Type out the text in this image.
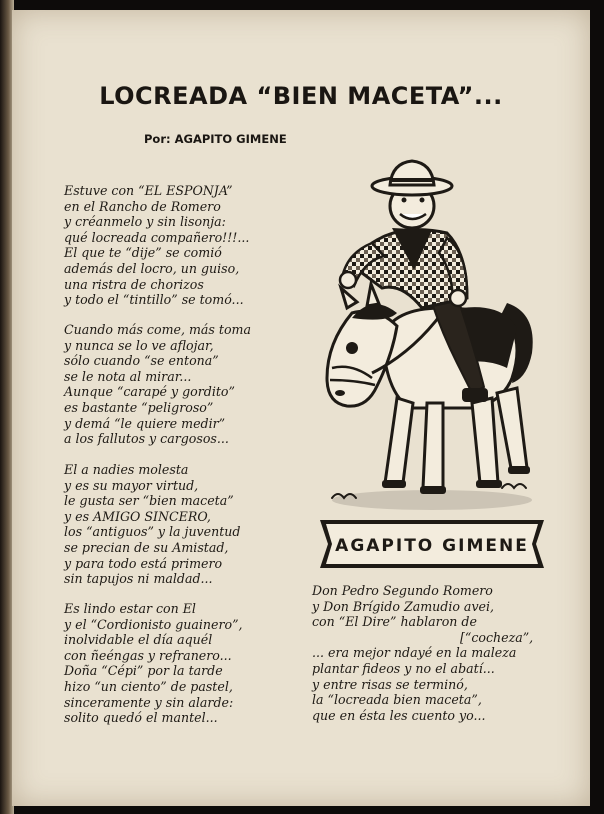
LOCREADA “BIEN MACETA”...
Por: AGAPITO GIMENE
Estuve con “EL ESPONJA”
en el Rancho de Romero
y créanmelo y sin lisonja:
qué locreada compañero!!!...
El que te “dije” se comió
además del locro, un guiso,
una ristra de chorizos
y todo el “tintillo” se tomó...
Cuando más come, más toma
y nunca se lo ve aflojar,
sólo cuando “se entona”
se le nota al mirar...
Aunque “carapé y gordito”
es bastante “peligroso”
y demá “le quiere medir”
a los fallutos y cargosos...
El a nadies molesta
y es su mayor virtud,
le gusta ser “bien maceta”
y es AMIGO SINCERO,
los “antiguos” y la juventud
se precian de su Amistad,
y para todo está primero
sin tapujos ni maldad...
Es lindo estar con El
y el “Cordionisto guainero”,
inolvidable el día aquél
con ñeéngas y refranero...
Doña “Cépi” por la tarde
hizo “un ciento” de pastel,
sinceramente y sin alarde:
solito quedó el mantel...
Don Pedro Segundo Romero
y Don Brígido Zamudio avei,
con “El Dire” hablaron de
[“cocheza”,
... era mejor ndayé en la maleza
plantar fideos y no el abatí...
y entre risas se terminó,
la “locreada bien maceta”,
que en ésta les cuento yo...
AGAPITO GIMENE
